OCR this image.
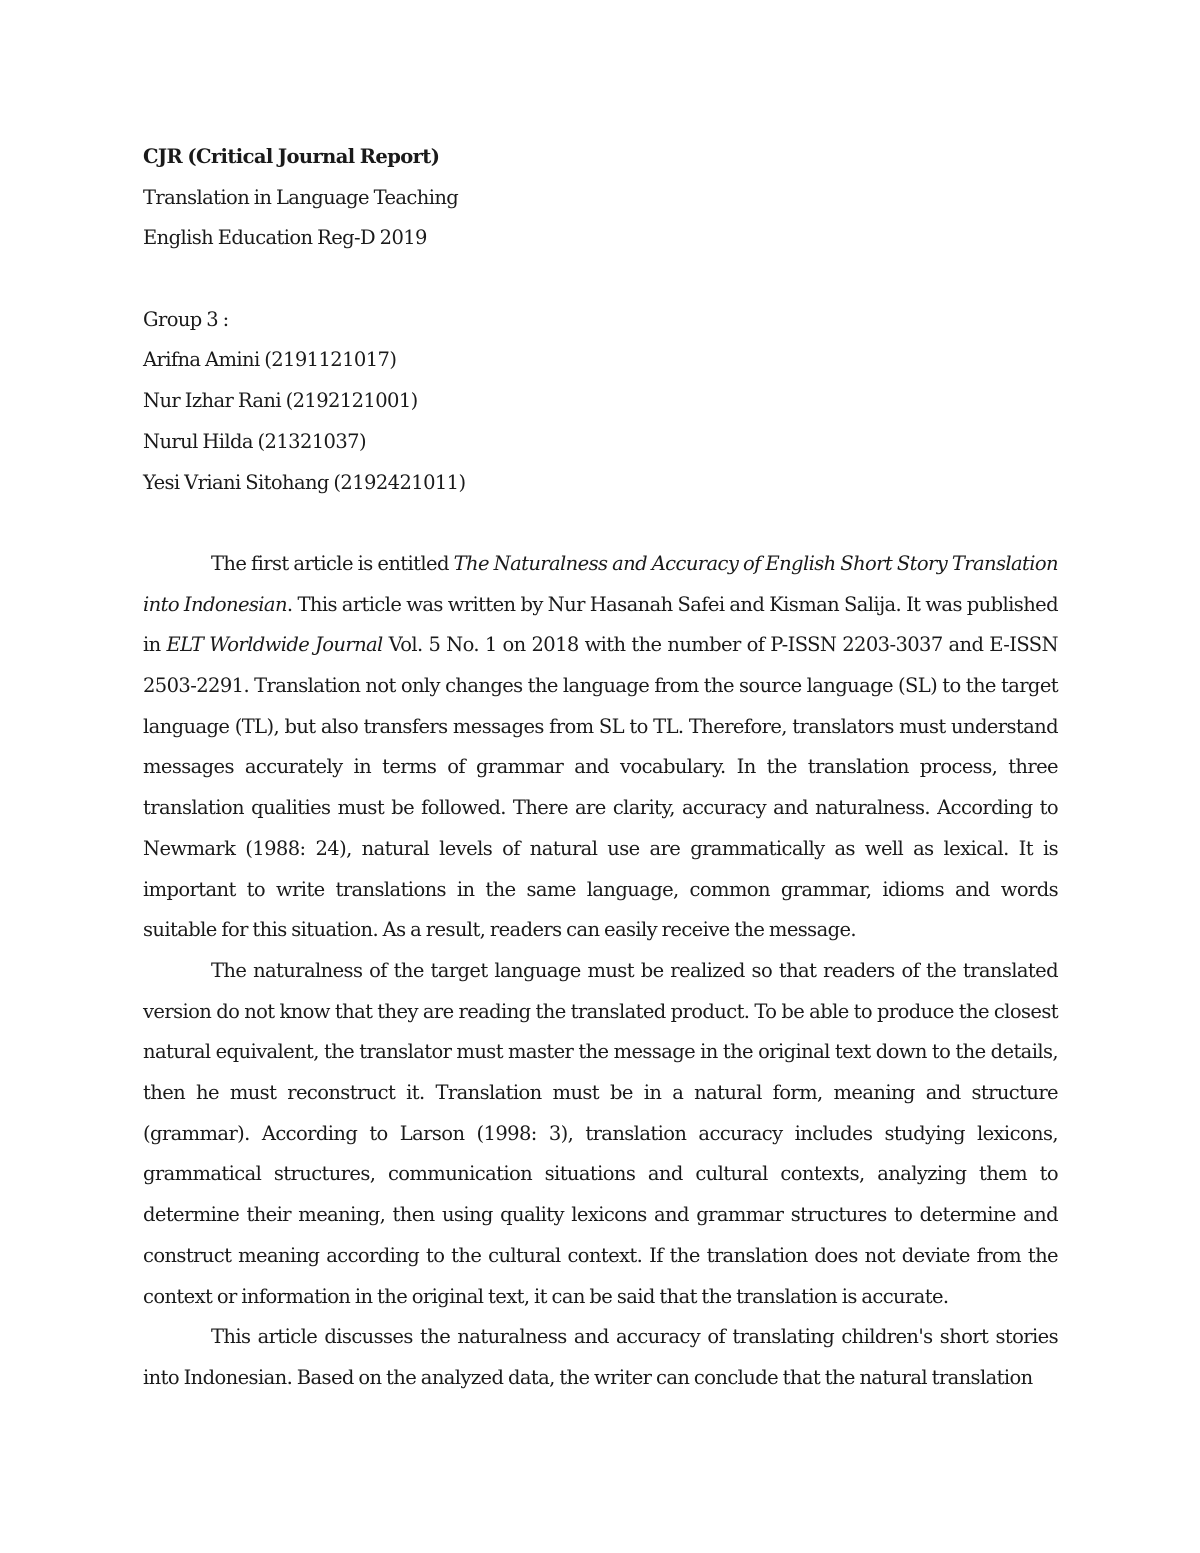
CJR (Critical Journal Report)
Translation in Language Teaching
English Education Reg-D 2019
Group 3 :
Arifna Amini (2191121017)
Nur Izhar Rani (2192121001)
Nurul Hilda (21321037)
Yesi Vriani Sitohang (2192421011)

The first article is entitled The Naturalness and Accuracy of English Short Story Translation into Indonesian. This article was written by Nur Hasanah Safei and Kisman Salija. It was published in ELT Worldwide Journal Vol. 5 No. 1 on 2018 with the number of P-ISSN 2203-3037 and E-ISSN 2503-2291. Translation not only changes the language from the source language (SL) to the target language (TL), but also transfers messages from SL to TL. Therefore, translators must understand messages accurately in terms of grammar and vocabulary. In the translation process, three translation qualities must be followed. There are clarity, accuracy and naturalness. According to Newmark (1988: 24), natural levels of natural use are grammatically as well as lexical. It is important to write translations in the same language, common grammar, idioms and words suitable for this situation. As a result, readers can easily receive the message.

The naturalness of the target language must be realized so that readers of the translated version do not know that they are reading the translated product. To be able to produce the closest natural equivalent, the translator must master the message in the original text down to the details, then he must reconstruct it. Translation must be in a natural form, meaning and structure (grammar). According to Larson (1998: 3), translation accuracy includes studying lexicons, grammatical structures, communication situations and cultural contexts, analyzing them to determine their meaning, then using quality lexicons and grammar structures to determine and construct meaning according to the cultural context. If the translation does not deviate from the context or information in the original text, it can be said that the translation is accurate.

This article discusses the naturalness and accuracy of translating children's short stories into Indonesian. Based on the analyzed data, the writer can conclude that the natural translation
